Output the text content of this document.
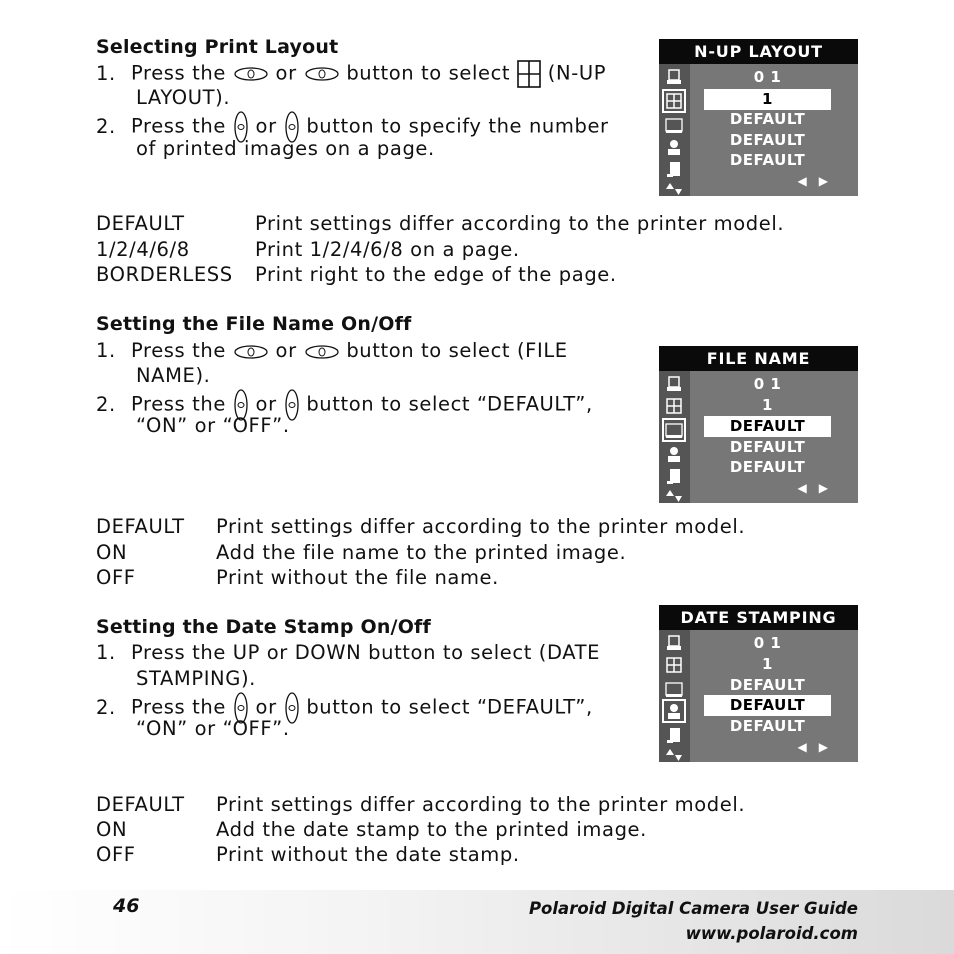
Selecting Print Layout
1. Press the	or	button to select (N-UP
LAYOUT).
2. Press the or button to specify the number
of printed images on a page.
N-UP LAYOUT
0 1
1
DEFAULT
DEFAULT
DEFAULT
◀▶
DEFAULT	Print settings differ according to the printer model.
1/2/4/6/8	Print 1/2/4/6/8 on a page.
BORDERLESS Print right to the edge of the page.
Setting the File Name On/Off
1. Press the	or	button to select (FILE
NAME).
2. Press the or button to select “DEFAULT”,
“ON” or “OFF”.
FILE NAME
0 1
1
DEFAULT
DEFAULT
DEFAULT
◀▶
DEFAULT Print settings differ according to the printer model.
ON	Add the file name to the printed image.
OFF	Print without the file name.
Setting the Date Stamp On/Off
1. Press the UP or DOWN button to select (DATE
STAMPING).
2. Press the or button to select “DEFAULT”,
“ON” or “OFF”.
DATE STAMPING
0 1
1
DEFAULT
DEFAULT
DEFAULT
◀▶
DEFAULT Print settings differ according to the printer model.
ON	Add the date stamp to the printed image.
OFF	Print without the date stamp.
46	Polaroid Digital Camera User Guide
www.polaroid.com
